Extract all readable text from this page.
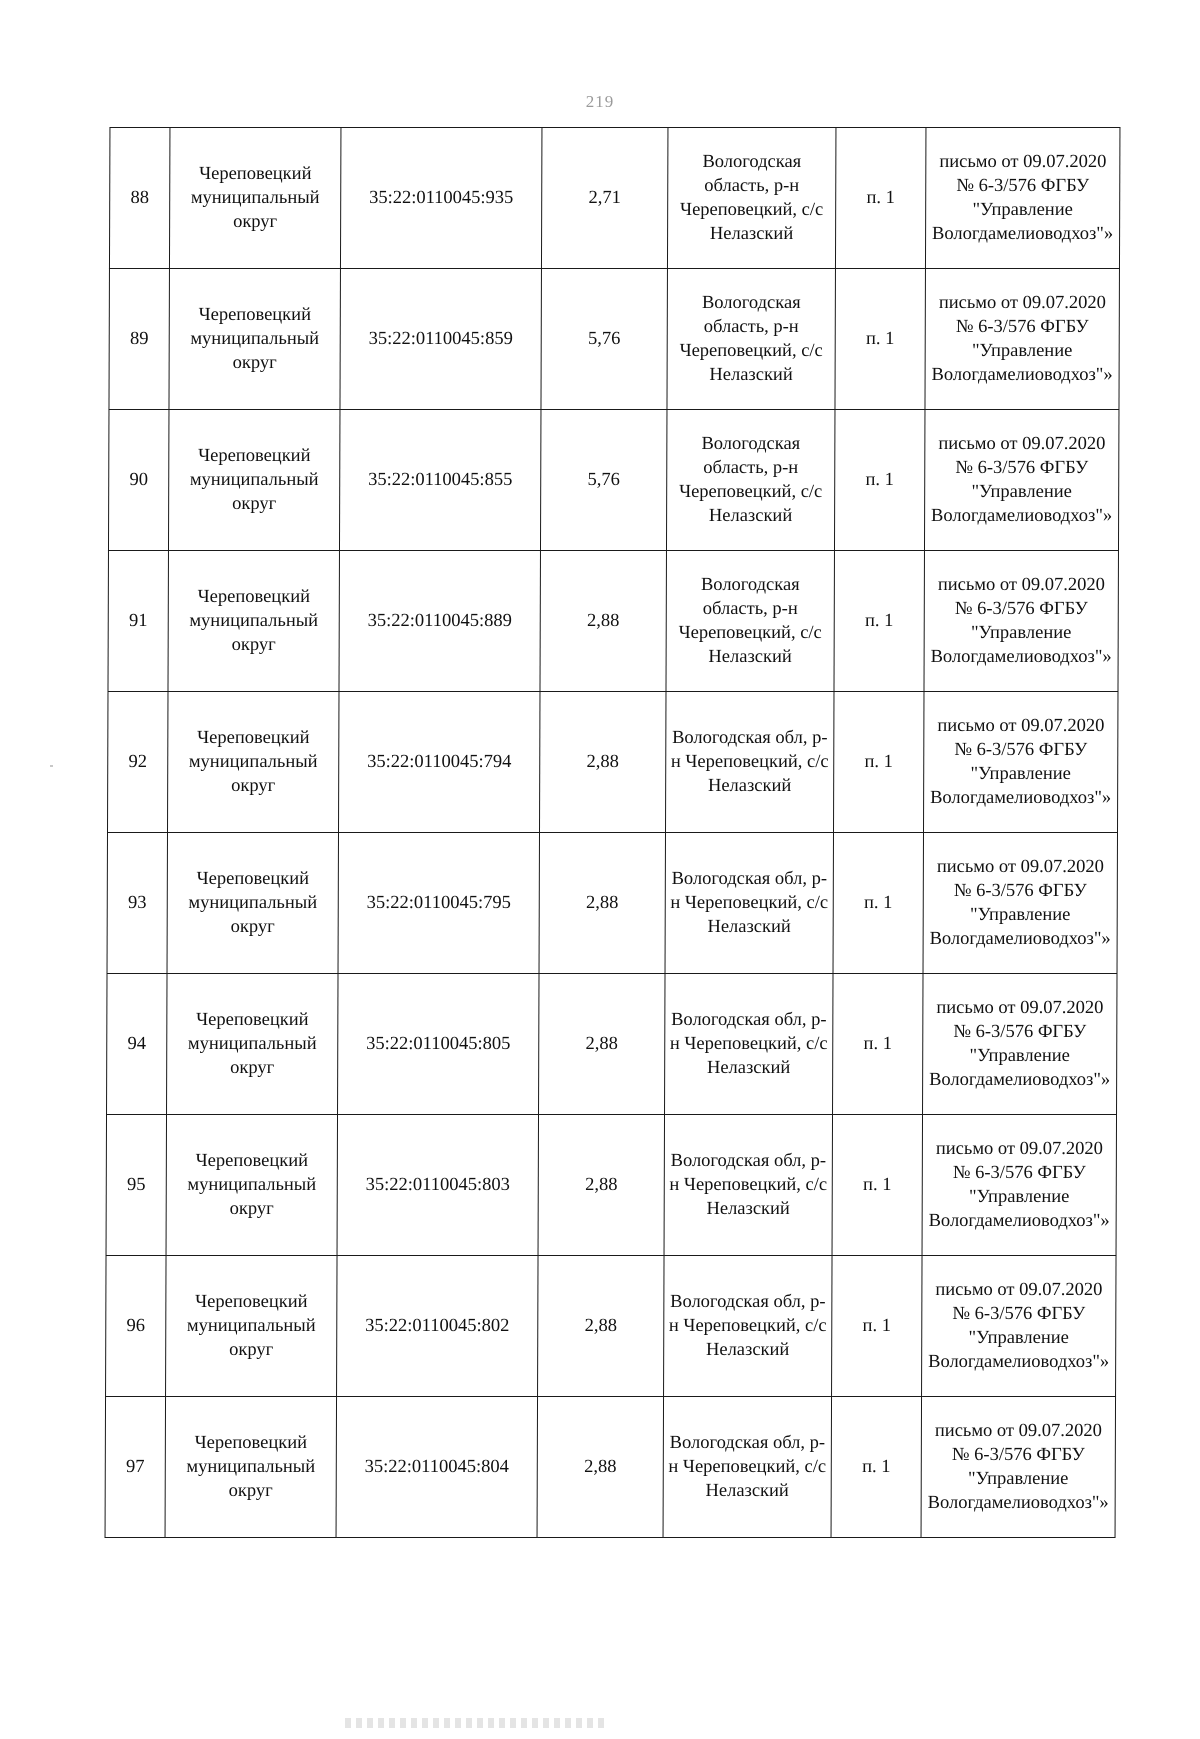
219
88	Череповецкий муниципальный округ	35:22:0110045:935	2,71	Вологодская область, р-н Череповецкий, с/с Нелазский	п. 1	письмо от 09.07.2020 № 6-3/576 ФГБУ "Управление Вологдамелиоводхоз"»
89	Череповецкий муниципальный округ	35:22:0110045:859	5,76	Вологодская область, р-н Череповецкий, с/с Нелазский	п. 1	письмо от 09.07.2020 № 6-3/576 ФГБУ "Управление Вологдамелиоводхоз"»
90	Череповецкий муниципальный округ	35:22:0110045:855	5,76	Вологодская область, р-н Череповецкий, с/с Нелазский	п. 1	письмо от 09.07.2020 № 6-3/576 ФГБУ "Управление Вологдамелиоводхоз"»
91	Череповецкий муниципальный округ	35:22:0110045:889	2,88	Вологодская область, р-н Череповецкий, с/с Нелазский	п. 1	письмо от 09.07.2020 № 6-3/576 ФГБУ "Управление Вологдамелиоводхоз"»
92	Череповецкий муниципальный округ	35:22:0110045:794	2,88	Вологодская обл, р-н Череповецкий, с/с Нелазский	п. 1	письмо от 09.07.2020 № 6-3/576 ФГБУ "Управление Вологдамелиоводхоз"»
93	Череповецкий муниципальный округ	35:22:0110045:795	2,88	Вологодская обл, р-н Череповецкий, с/с Нелазский	п. 1	письмо от 09.07.2020 № 6-3/576 ФГБУ "Управление Вологдамелиоводхоз"»
94	Череповецкий муниципальный округ	35:22:0110045:805	2,88	Вологодская обл, р-н Череповецкий, с/с Нелазский	п. 1	письмо от 09.07.2020 № 6-3/576 ФГБУ "Управление Вологдамелиоводхоз"»
95	Череповецкий муниципальный округ	35:22:0110045:803	2,88	Вологодская обл, р-н Череповецкий, с/с Нелазский	п. 1	письмо от 09.07.2020 № 6-3/576 ФГБУ "Управление Вологдамелиоводхоз"»
96	Череповецкий муниципальный округ	35:22:0110045:802	2,88	Вологодская обл, р-н Череповецкий, с/с Нелазский	п. 1	письмо от 09.07.2020 № 6-3/576 ФГБУ "Управление Вологдамелиоводхоз"»
97	Череповецкий муниципальный округ	35:22:0110045:804	2,88	Вологодская обл, р-н Череповецкий, с/с Нелазский	п. 1	письмо от 09.07.2020 № 6-3/576 ФГБУ "Управление Вологдамелиоводхоз"»
